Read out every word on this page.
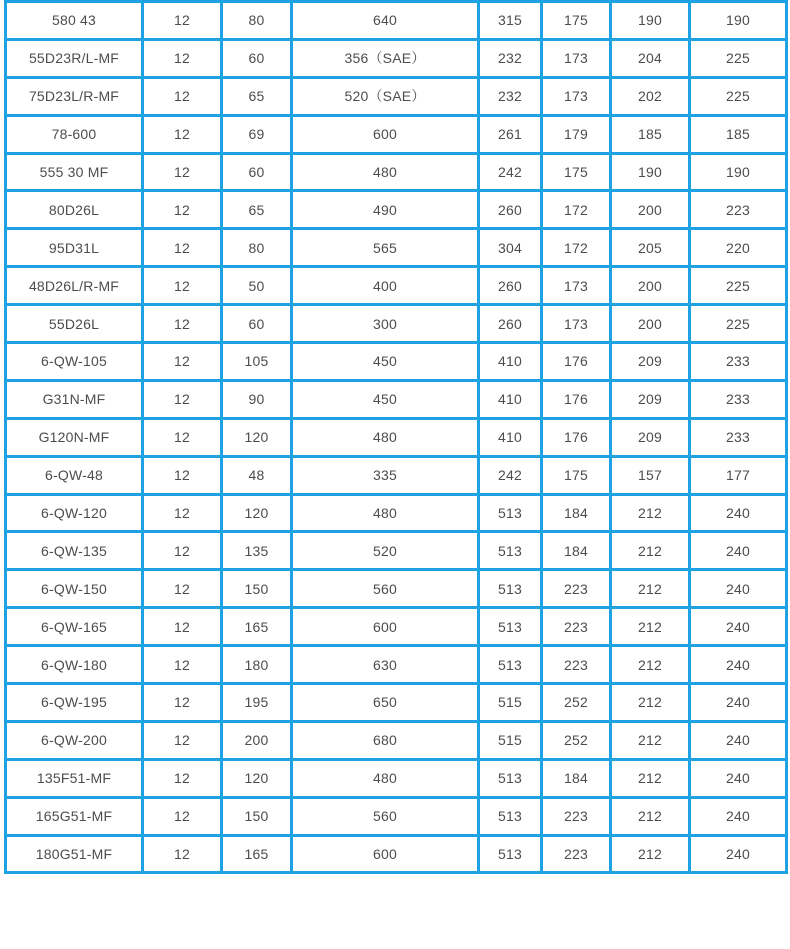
580 43	12	80	640	315	175	190	190
55D23R/L-MF	12	60	356（SAE）	232	173	204	225
75D23L/R-MF	12	65	520（SAE）	232	173	202	225
78-600	12	69	600	261	179	185	185
555 30 MF	12	60	480	242	175	190	190
80D26L	12	65	490	260	172	200	223
95D31L	12	80	565	304	172	205	220
48D26L/R-MF	12	50	400	260	173	200	225
55D26L	12	60	300	260	173	200	225
6-QW-105	12	105	450	410	176	209	233
G31N-MF	12	90	450	410	176	209	233
G120N-MF	12	120	480	410	176	209	233
6-QW-48	12	48	335	242	175	157	177
6-QW-120	12	120	480	513	184	212	240
6-QW-135	12	135	520	513	184	212	240
6-QW-150	12	150	560	513	223	212	240
6-QW-165	12	165	600	513	223	212	240
6-QW-180	12	180	630	513	223	212	240
6-QW-195	12	195	650	515	252	212	240
6-QW-200	12	200	680	515	252	212	240
135F51-MF	12	120	480	513	184	212	240
165G51-MF	12	150	560	513	223	212	240
180G51-MF	12	165	600	513	223	212	240
